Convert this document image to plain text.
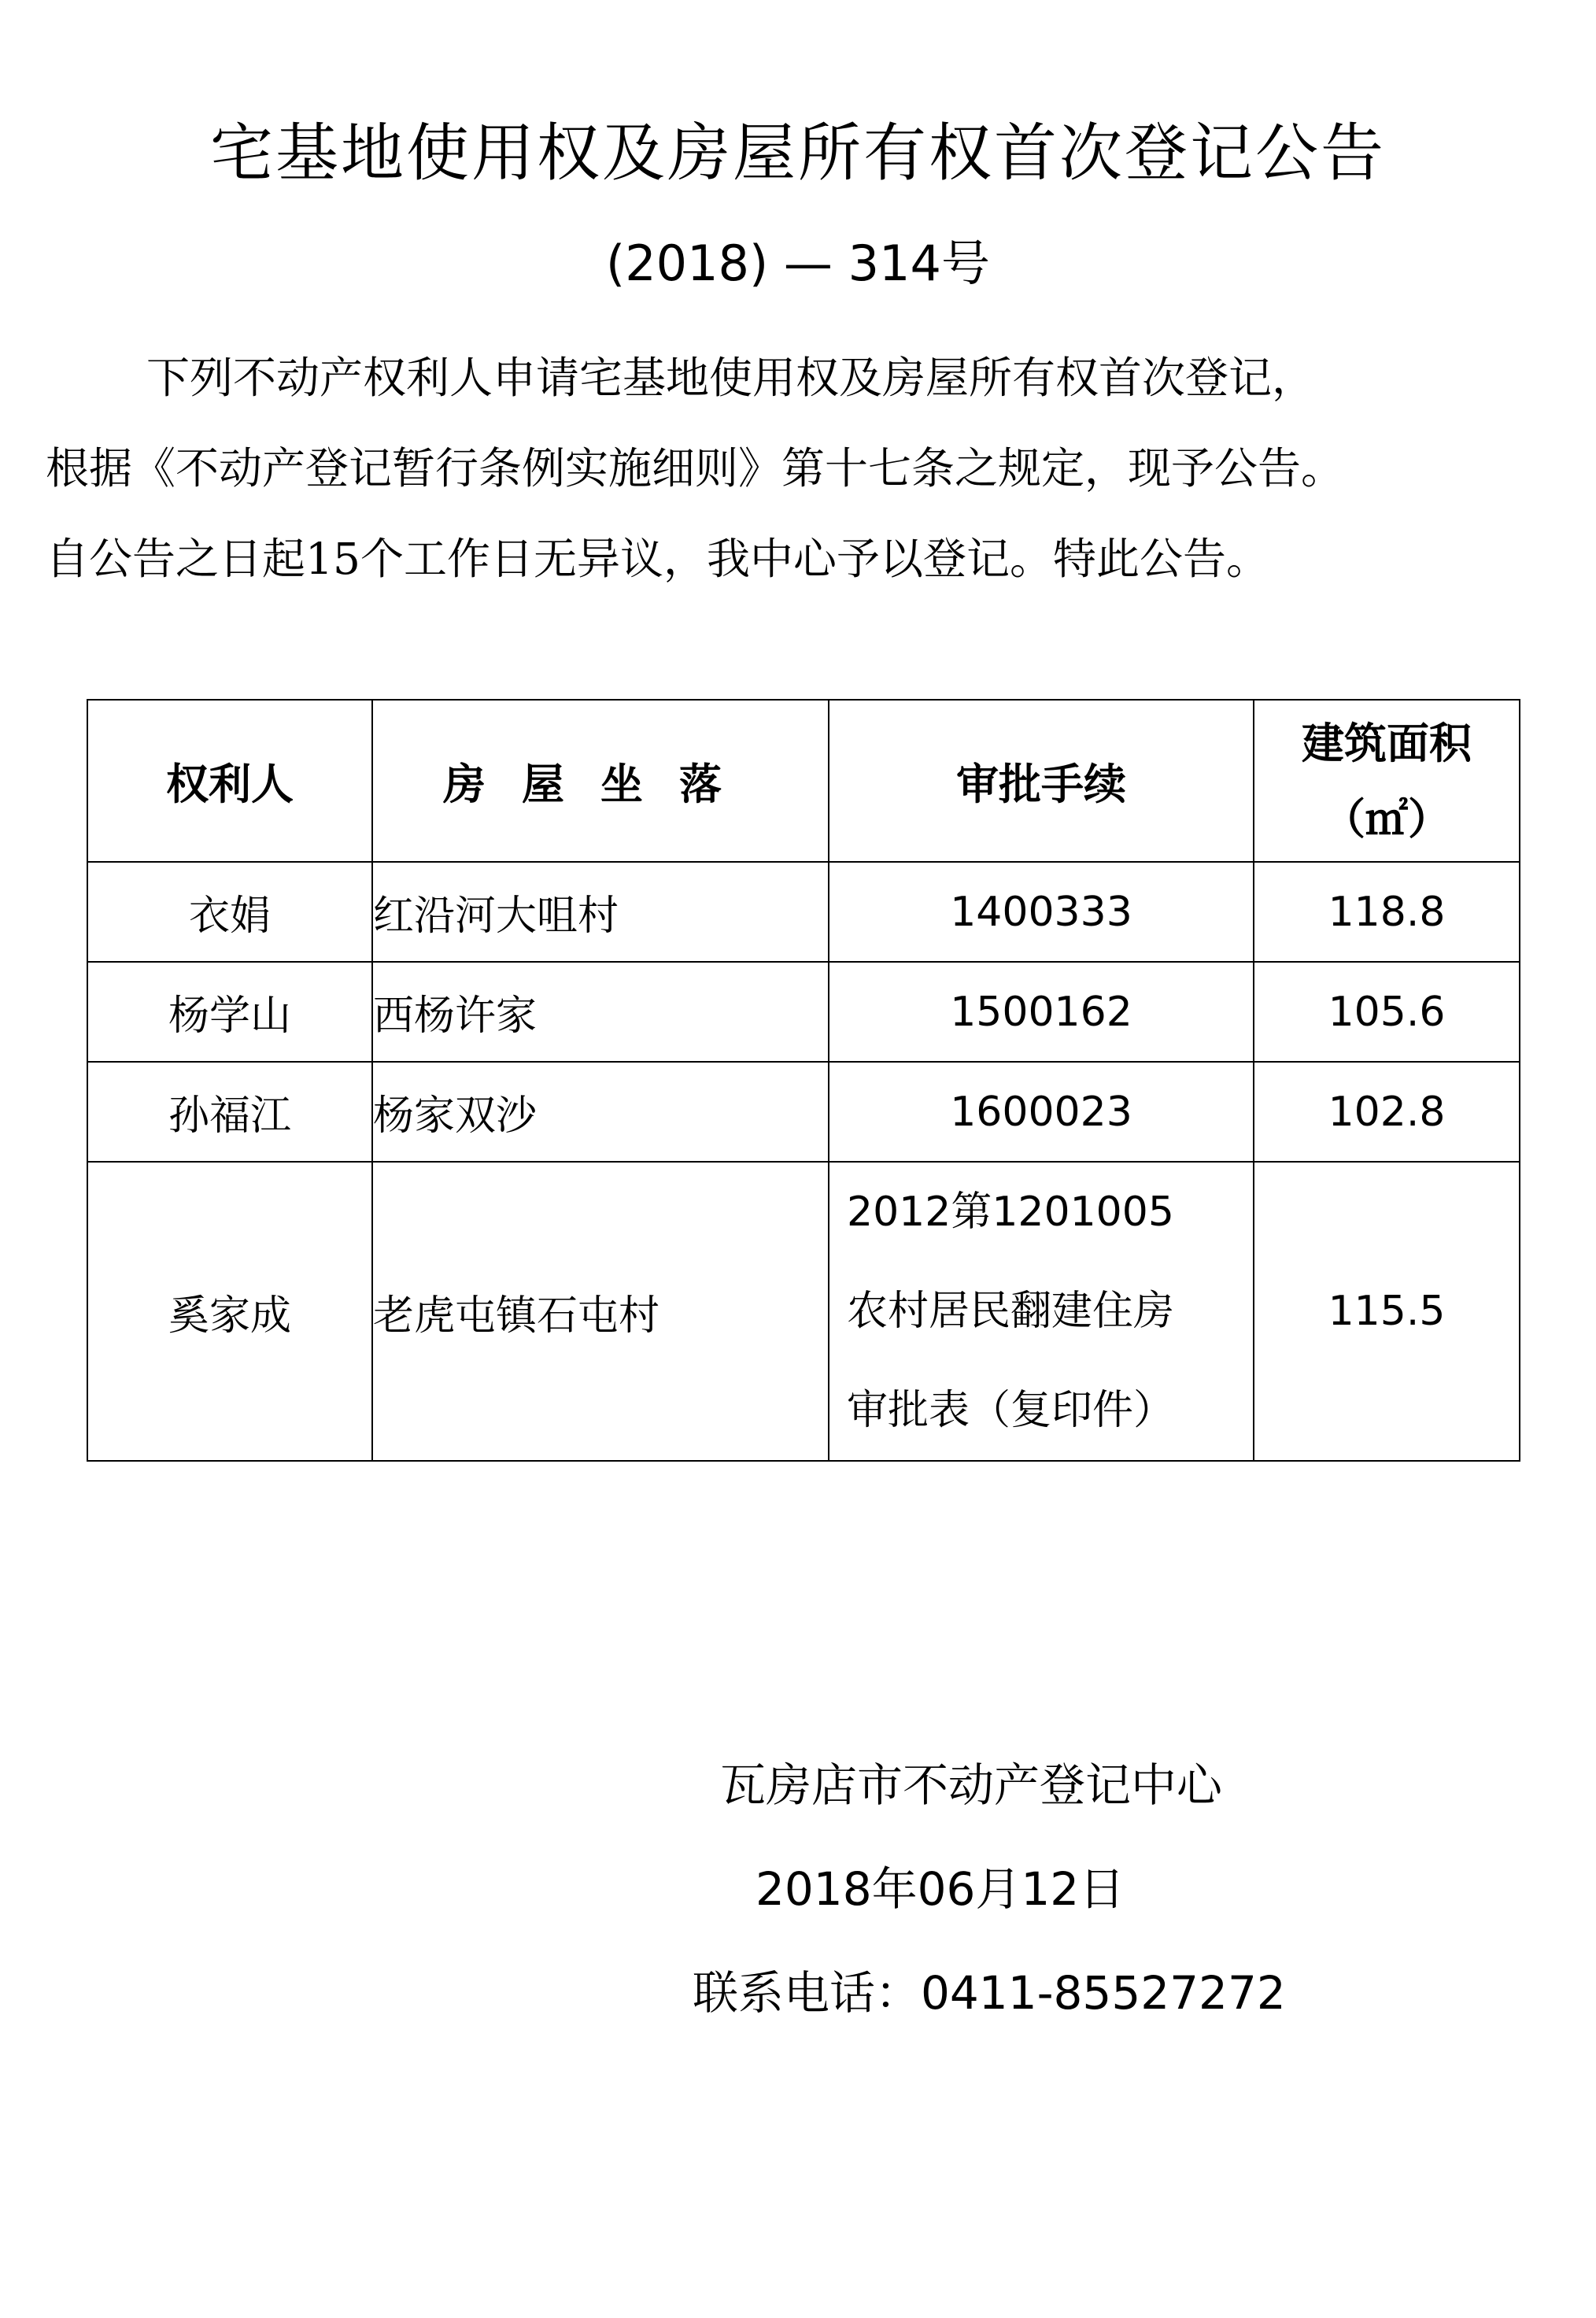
宅基地使用权及房屋所有权首次登记公告
(2018) — 314号
下列不动产权利人申请宅基地使用权及房屋所有权首次登记，
根据《不动产登记暂行条例实施细则》第十七条之规定，现予公告。
自公告之日起15个工作日无异议，我中心予以登记。特此公告。
权利人	房屋坐落	审批手续	建筑面积
（㎡）

衣娟	红沿河大咀村	1400333	118.8
杨学山	西杨许家	1500162	105.6
孙福江	杨家双沙	1600023	102.8
奚家成	老虎屯镇石屯村	2012第1201005
农村居民翻建住房
审批表（复印件）	115.5
瓦房店市不动产登记中心
2018年06月12日
联系电话：0411-85527272
